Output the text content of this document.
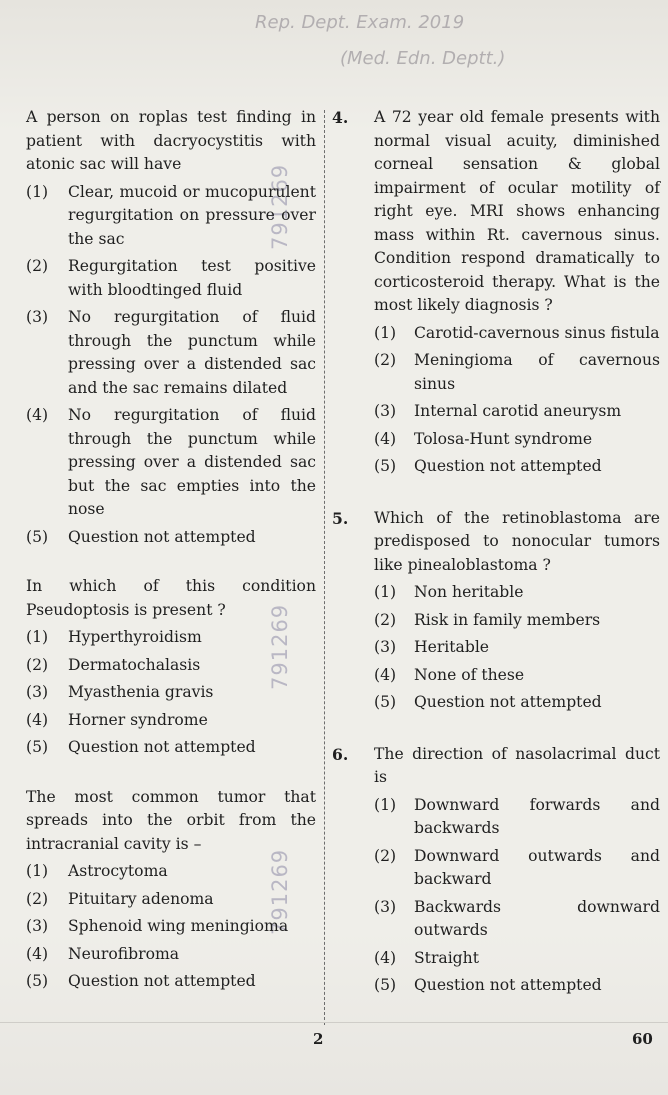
Rep. Dept. Exam. 2019
(Med. Edn. Deptt.)
791269
791269
791269
A person on roplas test finding in patient with dacryocystitis with atonic sac will have
(1) Clear, mucoid or mucopurulent regurgitation on pressure over the sac
(2) Regurgitation test positive with bloodtinged fluid
(3) No regurgitation of fluid through the punctum while pressing over a distended sac and the sac remains dilated
(4) No regurgitation of fluid through the punctum while pressing over a distended sac but the sac empties into the nose
(5) Question not attempted
In which of this condition Pseudoptosis is present ?
(1) Hyperthyroidism
(2) Dermatochalasis
(3) Myasthenia gravis
(4) Horner syndrome
(5) Question not attempted
The most common tumor that spreads into the orbit from the intracranial cavity is –
(1) Astrocytoma
(2) Pituitary adenoma
(3) Sphenoid wing meningioma
(4) Neurofibroma
(5) Question not attempted
4. A 72 year old female presents with normal visual acuity, diminished corneal sensation & global impairment of ocular motility of right eye. MRI shows enhancing mass within Rt. cavernous sinus. Condition respond dramatically to corticosteroid therapy. What is the most likely diagnosis ?
(1) Carotid-cavernous sinus fistula
(2) Meningioma of cavernous sinus
(3) Internal carotid aneurysm
(4) Tolosa-Hunt syndrome
(5) Question not attempted
5. Which of the retinoblastoma are predisposed to nonocular tumors like pinealoblastoma ?
(1) Non heritable
(2) Risk in family members
(3) Heritable
(4) None of these
(5) Question not attempted
6. The direction of nasolacrimal duct is
(1) Downward forwards and backwards
(2) Downward outwards and backward
(3) Backwards downward outwards
(4) Straight
(5) Question not attempted
2	60
